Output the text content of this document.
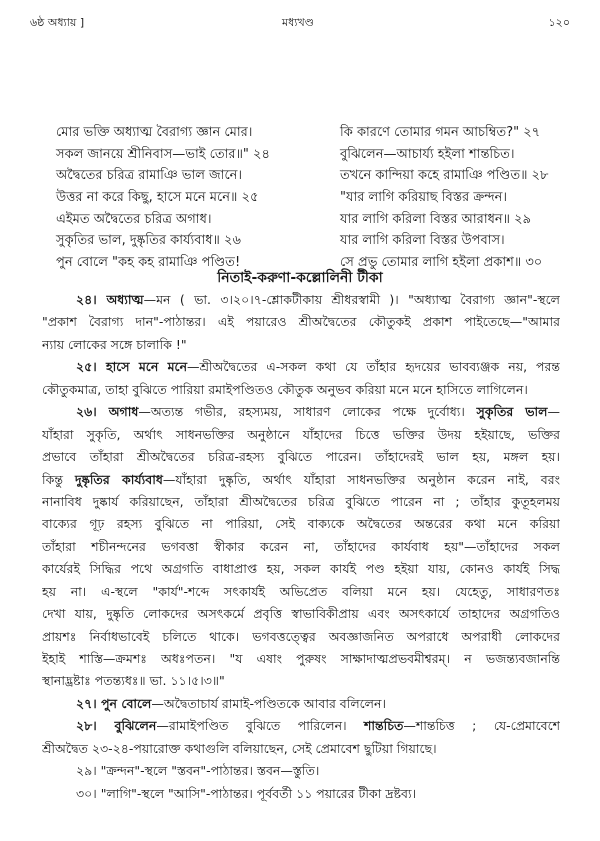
৬ষ্ঠ অধ্যায় ]	মধ্যখণ্ড	১২০
মোর ভক্তি অধ্যাত্ম বৈরাগ্য জ্ঞান মোর।
সকল জানয়ে শ্রীনিবাস—ভাই তোর॥" ২৪
অদ্বৈতের চরিত্র রামাঞি ভাল জানে।
উত্তর না করে কিছু, হাসে মনে মনে॥ ২৫
এইমত অদ্বৈতের চরিত্র অগাধ।
সুকৃতির ভাল, দুষ্কৃতির কার্য্যবাধ॥ ২৬
পুন বোলে "কহ কহ রামাঞি পণ্ডিত!
কি কারণে তোমার গমন আচম্বিত?" ২৭
বুঝিলেন—আচার্য্য হইলা শান্তচিত।
তখনে কান্দিয়া কহে রামাঞি পণ্ডিত॥ ২৮
"যার লাগি করিয়াছ বিস্তর ক্রন্দন।
যার লাগি করিলা বিস্তর আরাধন॥ ২৯
যার লাগি করিলা বিস্তর উপবাস।
সে প্রভু তোমার লাগি হইলা প্রকাশ॥ ৩০
নিতাই-করুণা-কল্লোলিনী টীকা
২৪। অধ্যাত্ম—মন ( ভা. ৩।২০।৭-শ্লোকটীকায় শ্রীধরস্বামী )। "অধ্যাত্ম বৈরাগ্য জ্ঞান"-স্থলে
"প্রকাশ বৈরাগ্য দান"-পাঠান্তর। এই পয়ারেও শ্রীঅদ্বৈতের কৌতুকই প্রকাশ পাইতেছে—"আমার
ন্যায় লোকের সঙ্গে চালাকি !"
২৫। হাসে মনে মনে—শ্রীঅদ্বৈতের এ-সকল কথা যে তাঁহার হৃদয়ের ভাবব্যঞ্জক নয়, পরন্ত
কৌতুকমাত্র, তাহা বুঝিতে পারিয়া রমাইপণ্ডিতও কৌতুক অনুভব করিয়া মনে মনে হাসিতে লাগিলেন।
২৬। অগাধ—অত্যন্ত গভীর, রহস্যময়, সাধারণ লোকের পক্ষে দুর্বোধ্য। সুকৃতির ভাল—
যাঁহারা সুকৃতি, অর্থাৎ সাধনভক্তির অনুষ্ঠানে যাঁহাদের চিত্তে ভক্তির উদয় হইয়াছে, ভক্তির
প্রভাবে তাঁহারা শ্রীঅদ্বৈতের চরিত্র-রহস্য বুঝিতে পারেন। তাঁহাদেরই ভাল হয়, মঙ্গল হয়।
কিন্তু দুষ্কৃতির কার্য্যবাধ—যাঁহারা দুষ্কৃতি, অর্থাৎ যাঁহারা সাধনভক্তির অনুষ্ঠান করেন নাই, বরং
নানাবিধ দুষ্কার্য করিয়াছেন, তাঁহারা শ্রীঅদ্বৈতের চরিত্র বুঝিতে পারেন না ; তাঁহার কুতূহলময়
বাক্যের গূঢ় রহস্য বুঝিতে না পারিয়া, সেই বাক্যকে অদ্বৈতের অন্তরের কথা মনে করিয়া
তাঁহারা শচীনন্দনের ভগবত্তা স্বীকার করেন না, তাঁহাদের কার্যবাধ হয়"—তাঁহাদের সকল
কার্যেরই সিদ্ধির পথে অগ্রগতি বাধাপ্রাপ্ত হয়, সকল কার্যই পণ্ড হইয়া যায়, কোনও কার্যই সিদ্ধ
হয় না। এ-স্থলে "কার্য"-শব্দে সৎকার্যই অভিপ্রেত বলিয়া মনে হয়। যেহেতু, সাধারণতঃ
দেখা যায়, দুষ্কৃতি লোকদের অসৎকর্মে প্রবৃত্তি স্বাভাবিকীপ্রায় এবং অসৎকার্যে তাহাদের অগ্রগতিও
প্রায়শঃ নির্বাধভাবেই চলিতে থাকে। ভগবত্তত্ত্বের অবজ্ঞাজনিত অপরাধে অপরাধী লোকদের
ইহাই শাস্তি—ক্রমশঃ অধঃপতন। "য এষাং পুরুষং সাক্ষাদাত্মপ্রভবমীশ্বরম্। ন ভজন্ত্যবজানন্তি
স্থানাদ্ভ্রষ্টাঃ পতন্ত্যধঃ॥ ভা. ১১।৫।৩॥"
২৭। পুন বোলে—অদ্বৈতাচার্য রামাই-পণ্ডিতকে আবার বলিলেন।
২৮। বুঝিলেন—রামাইপণ্ডিত বুঝিতে পারিলেন। শান্তচিত—শান্তচিত্ত ; যে-প্রেমাবেশে
শ্রীঅদ্বৈত ২৩-২৪-পয়ারোক্ত কথাগুলি বলিয়াছেন, সেই প্রেমাবেশ ছুটিয়া গিয়াছে।
২৯। "ক্রন্দন"-স্থলে "স্তবন"-পাঠান্তর। স্তবন—স্তুতি।
৩০। "লাগি"-স্থলে "আসি"-পাঠান্তর। পূর্ববর্তী ১১ পয়ারের টীকা দ্রষ্টব্য।
